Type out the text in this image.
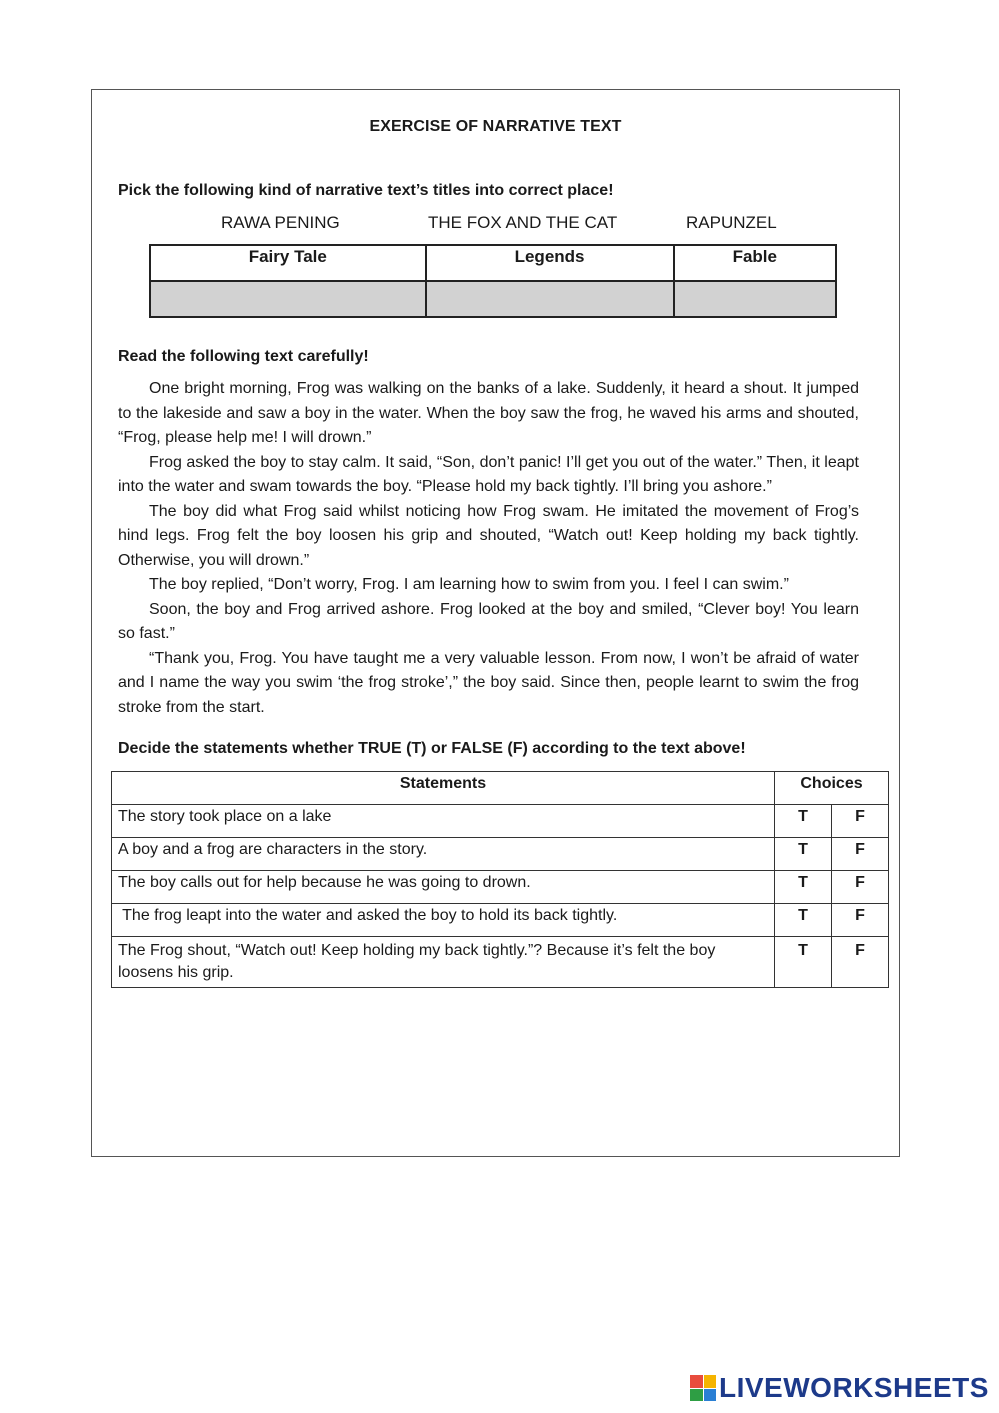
EXERCISE OF NARRATIVE TEXT
Pick the following kind of narrative text’s titles into correct place!
RAWA PENING	THE FOX AND THE CAT	RAPUNZEL
Fairy Tale	Legends	Fable

Read the following text carefully!

One bright morning, Frog was walking on the banks of a lake. Suddenly, it heard a shout. It jumped to the lakeside and saw a boy in the water. When the boy saw the frog, he waved his arms and shouted, “Frog, please help me! I will drown.”

Frog asked the boy to stay calm. It said, “Son, don’t panic! I’ll get you out of the water.” Then, it leapt into the water and swam towards the boy. “Please hold my back tightly. I’ll bring you ashore.”

The boy did what Frog said whilst noticing how Frog swam. He imitated the movement of Frog’s hind legs. Frog felt the boy loosen his grip and shouted, “Watch out! Keep holding my back tightly. Otherwise, you will drown.”

The boy replied, “Don’t worry, Frog. I am learning how to swim from you. I feel I can swim.”

Soon, the boy and Frog arrived ashore. Frog looked at the boy and smiled, “Clever boy! You learn so fast.”

“Thank you, Frog. You have taught me a very valuable lesson. From now, I won’t be afraid of water and I name the way you swim ‘the frog stroke’,” the boy said. Since then, people learnt to swim the frog stroke from the start.

Decide the statements whether TRUE (T) or FALSE (F) according to the text above!
Statements	Choices	
The story took place on a lake	T	F
A boy and a frog are characters in the story.	T	F
The boy calls out for help because he was going to drown.	T	F
The frog leapt into the water and asked the boy to hold its back tightly.	T	F
The Frog shout, “Watch out! Keep holding my back tightly.”? Because it’s felt the boy loosens his grip.	T	F
LIVEWORKSHEETS
